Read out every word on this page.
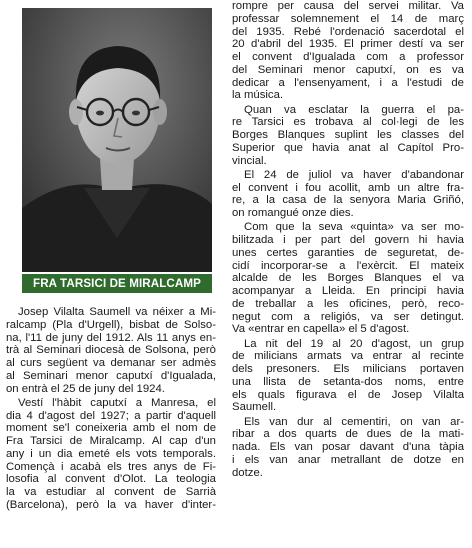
FRA TARSICI DE MIRALCAMP
Josep Vilalta Saumell va néixer a Mi-
ralcamp (Pla d'Urgell), bisbat de Solso-
na, l'11 de juny del 1912. Als 11 anys en-
trà al Seminari diocesà de Solsona, però
al curs següent va demanar ser admès
al Seminari menor caputxí d'Igualada,
on entrà el 25 de juny del 1924.
Vestí l'hàbit caputxí a Manresa, el
dia 4 d'agost del 1927; a partir d'aquell
moment se'l coneixeria amb el nom de
Fra Tarsici de Miralcamp. Al cap d'un
any i un dia emeté els vots temporals.
Començà i acabà els tres anys de Fi-
losofia al convent d'Olot. La teologia
la va estudiar al convent de Sarrià
(Barcelona), però la va haver d'inter-
rompre per causa del servei militar. Va
professar solemnement el 14 de març
del 1935. Rebé l'ordenació sacerdotal el
20 d'abril del 1935. El primer destí va ser
el convent d'Igualada com a professor
del Seminari menor caputxí, on es va
dedicar a l'ensenyament, i a l'estudi de
la música.
Quan va esclatar la guerra el pa-
re Tarsici es trobava al col·legi de les
Borges Blanques suplint les classes del
Superior que havia anat al Capítol Pro-
vincial.
El 24 de juliol va haver d'abandonar
el convent i fou acollit, amb un altre fra-
re, a la casa de la senyora Maria Griñó,
on romangué onze dies.
Com que la seva «quinta» va ser mo-
bilitzada i per part del govern hi havia
unes certes garanties de seguretat, de-
cidí incorporar-se a l'exèrcit. El mateix
alcalde de les Borges Blanques el va
acompanyar a Lleida. En principi havia
de treballar a les oficines, però, reco-
negut com a religiós, va ser detingut.
Va «entrar en capella» el 5 d'agost.
La nit del 19 al 20 d'agost, un grup
de milicians armats va entrar al recinte
dels presoners. Els milicians portaven
una llista de setanta-dos noms, entre
els quals figurava el de Josep Vilalta
Saumell.
Els van dur al cementiri, on van ar-
ribar a dos quarts de dues de la mati-
nada. Els van posar davant d'una tàpia
i els van anar metrallant de dotze en
dotze.
